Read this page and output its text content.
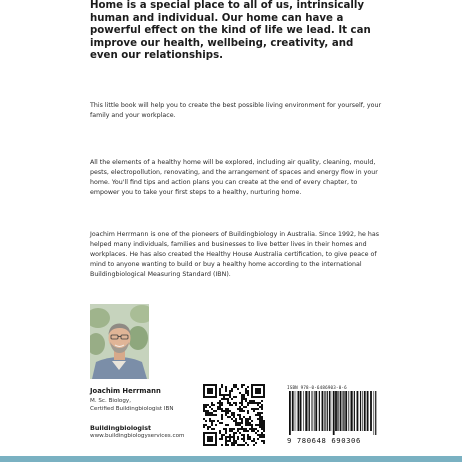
Home is a special place to all of us, intrinsically human and individual. Our home can have a powerful effect on the kind of life we lead. It can improve our health, wellbeing, creativity, and even our relationships.

This little book will help you to create the best possible living environment for yourself, your family and your workplace.

All the elements of a healthy home will be explored, including air quality, cleaning, mould, pests, electropollution, renovating, and the arrangement of spaces and energy flow in your home. You'll find tips and action plans you can create at the end of every chapter, to empower you to take your first steps to a healthy, nurturing home.

Joachim Herrmann is one of the pioneers of Buildingbiology in Australia. Since 1992, he has helped many individuals, families and businesses to live better lives in their homes and workplaces. He has also created the Healthy House Australia certification, to give peace of mind to anyone wanting to build or buy a healthy home according to the international Buildingbiological Measuring Standard (IBN).

Joachim Herrmann

M. Sc. Biology,

Certified Buildingbiologist IBN

Buildingbiologist

www.buildingbiologyservices.com

ISBN 978-0-6486903-0-6
9 780648 690306
